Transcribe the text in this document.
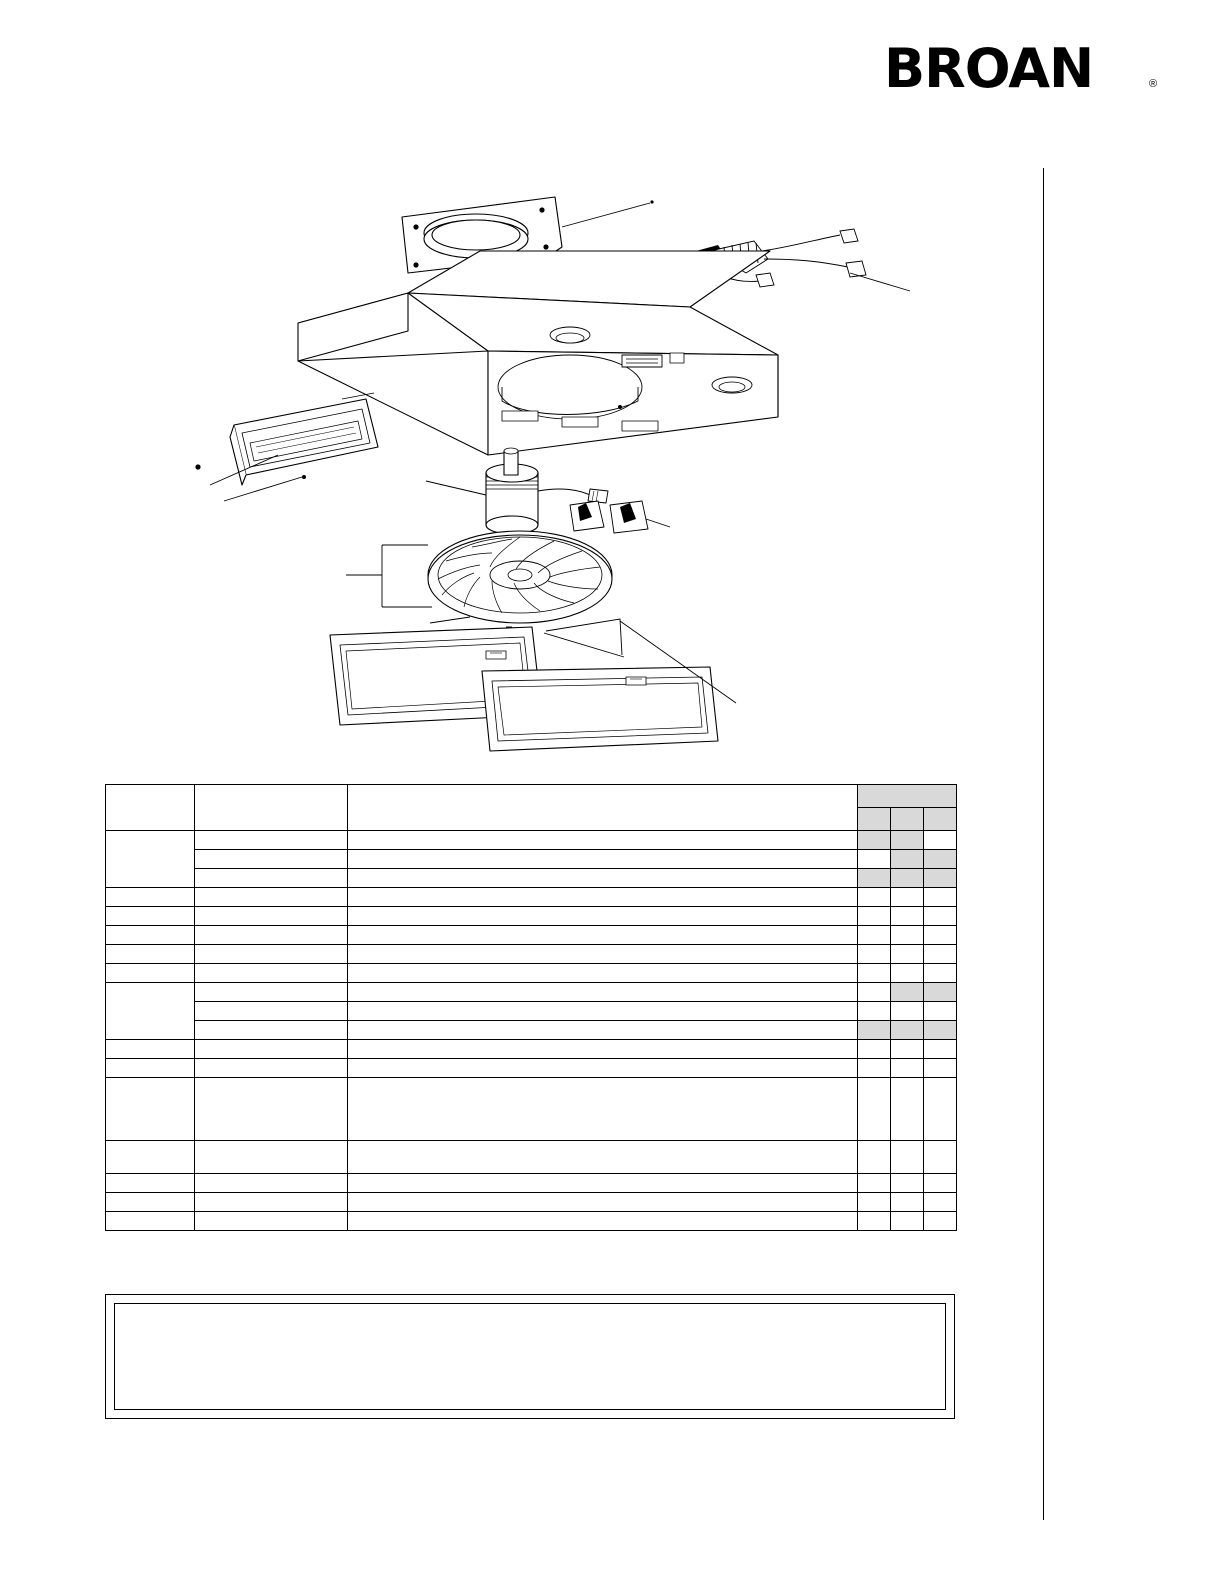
BROAN	®
